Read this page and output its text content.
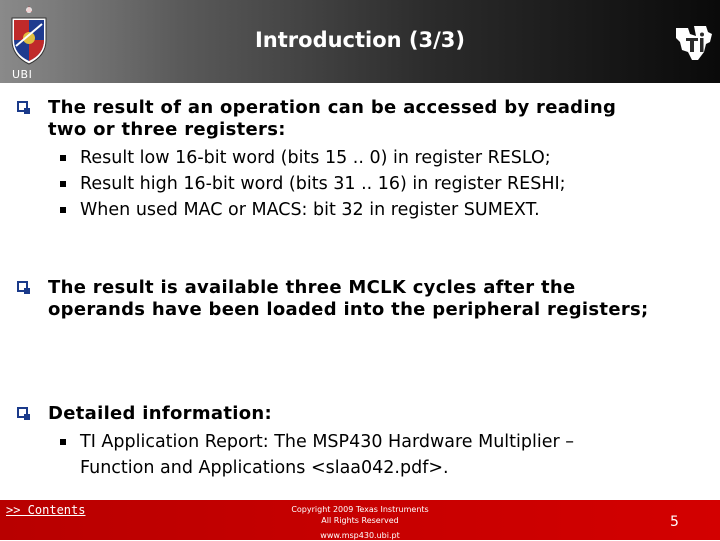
UBI
Introduction (3/3)
The result of an operation can be accessed by reading
two or three registers:
Result low 16-bit word (bits 15 .. 0) in register RESLO;
Result high 16-bit word (bits 31 .. 16) in register RESHI;
When used MAC or MACS: bit 32 in register SUMEXT.
The result is available three MCLK cycles after the
operands have been loaded into the peripheral registers;
Detailed information:
TI Application Report: The MSP430 Hardware Multiplier –
Function and Applications <slaa042.pdf>.
>> Contents	Copyright 2009 Texas Instruments
All Rights Reserved
www.msp430.ubi.pt
5
